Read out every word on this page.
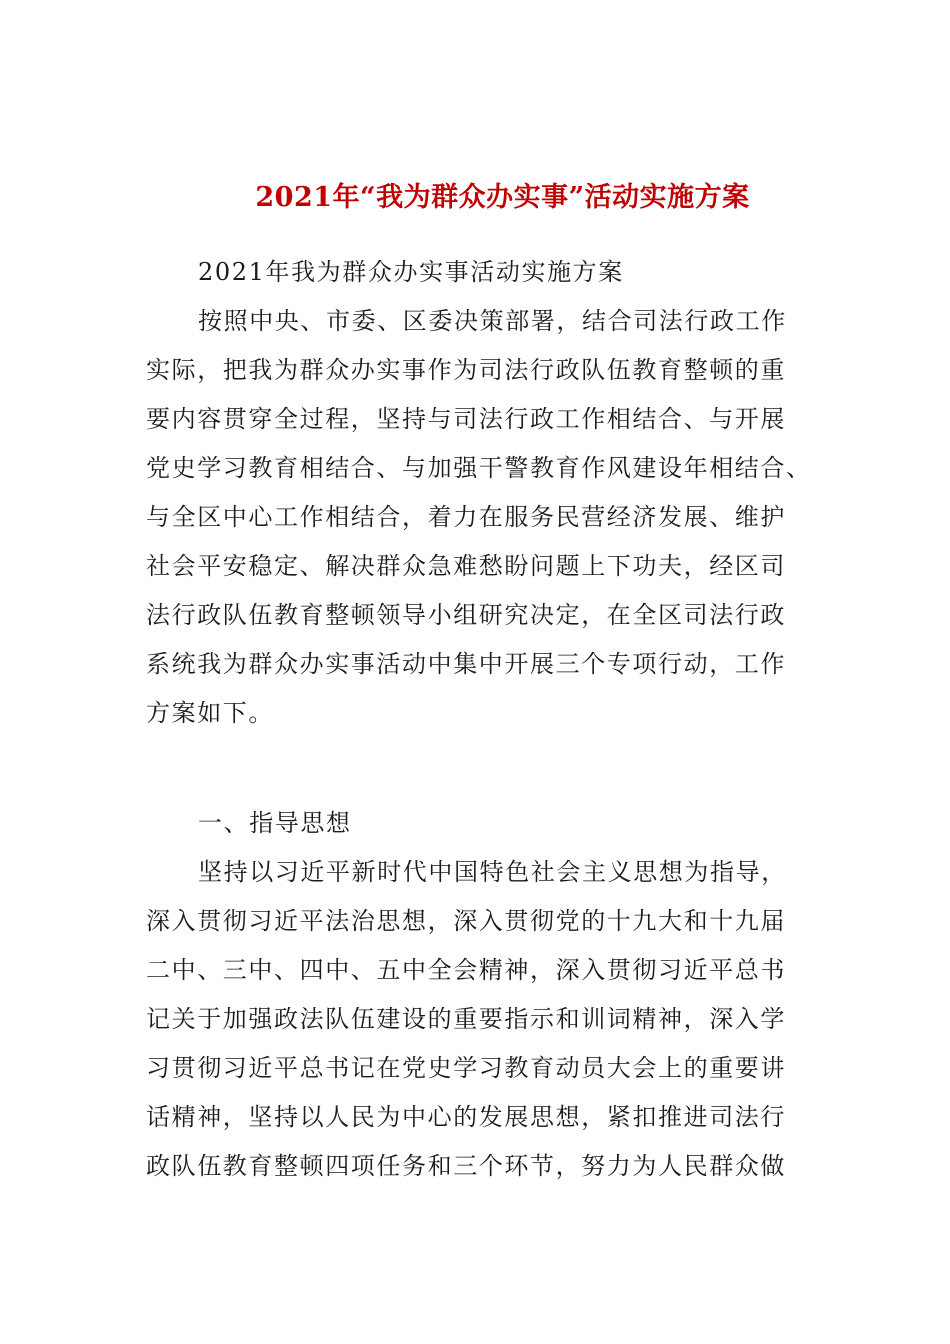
2021年“我为群众办实事”活动实施方案
2021年我为群众办实事活动实施方案
按照中央、市委、区委决策部署，结合司法行政工作
实际，把我为群众办实事作为司法行政队伍教育整顿的重
要内容贯穿全过程，坚持与司法行政工作相结合、与开展
党史学习教育相结合、与加强干警教育作风建设年相结合、
与全区中心工作相结合，着力在服务民营经济发展、维护
社会平安稳定、解决群众急难愁盼问题上下功夫，经区司
法行政队伍教育整顿领导小组研究决定，在全区司法行政
系统我为群众办实事活动中集中开展三个专项行动，工作
方案如下。
一、指导思想
坚持以习近平新时代中国特色社会主义思想为指导，
深入贯彻习近平法治思想，深入贯彻党的十九大和十九届
二中、三中、四中、五中全会精神，深入贯彻习近平总书
记关于加强政法队伍建设的重要指示和训词精神，深入学
习贯彻习近平总书记在党史学习教育动员大会上的重要讲
话精神，坚持以人民为中心的发展思想，紧扣推进司法行
政队伍教育整顿四项任务和三个环节，努力为人民群众做
